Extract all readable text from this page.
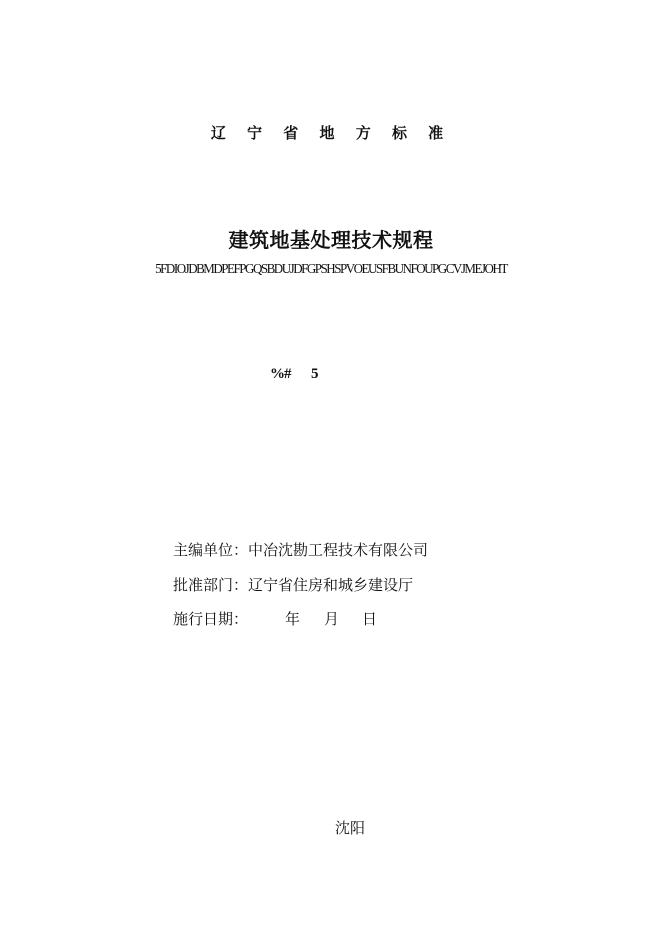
辽 宁 省 地 方 标 准
建筑地基处理技术规程
5FDIOJDBMDPEFPGQSBDUJDFGPSHSPVOEUSFBUNFOUPGCVJMEJOHT
%# 5
主编单位：中冶沈勘工程技术有限公司
批准部门：辽宁省住房和城乡建设厅
施行日期： 年 月 日
沈阳
